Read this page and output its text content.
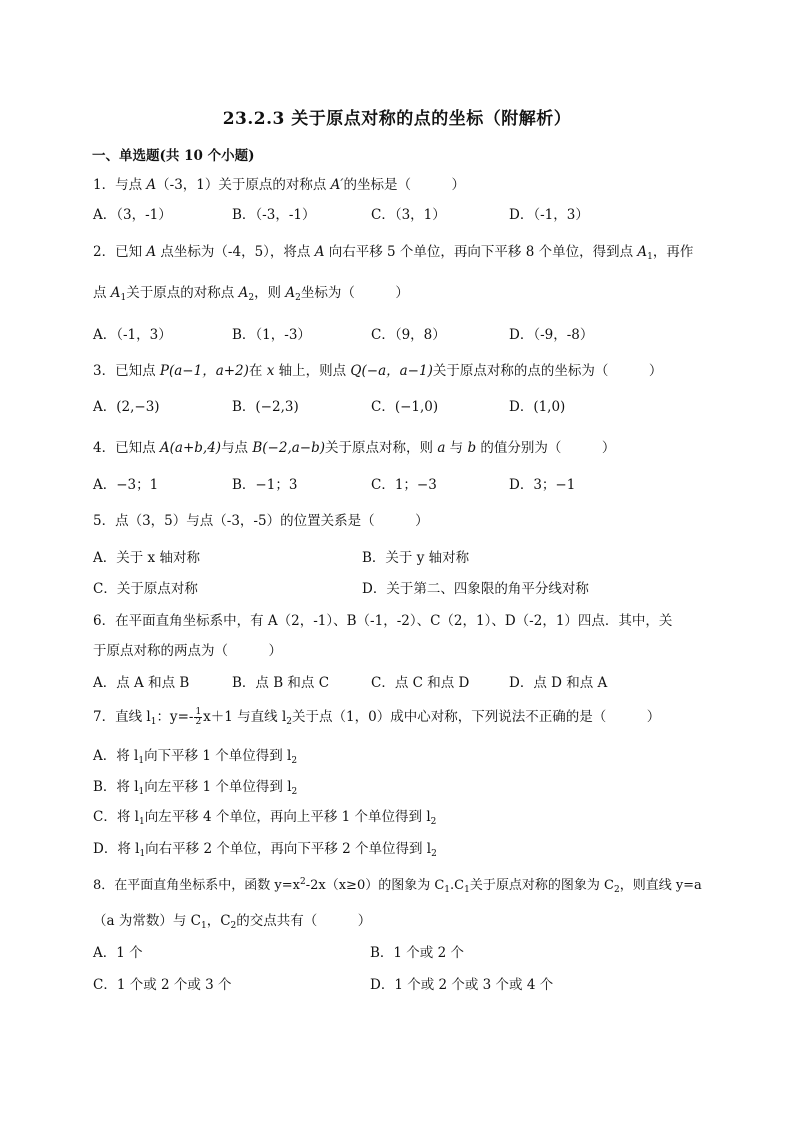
23.2.3 关于原点对称的点的坐标（附解析）
一、单选题(共 10 个小题)
1．与点 A（-3，1）关于原点的对称点 A′的坐标是（　　　）
A．（3，-1）	B．（-3，-1）	C．（3，1）	D．（-1，3）
2．已知 A 点坐标为（-4，5），将点 A 向右平移 5 个单位，再向下平移 8 个单位，得到点 $A_1$，再作
点 $A_1$关于原点的对称点 $A_2$，则 $A_2$坐标为（　　　）
A．（-1，3）	B．（1，-3）	C．（9，8）	D．（-9，-8）
3．已知点 P(a−1，a+2)在 x 轴上，则点 Q(−a，a−1)关于原点对称的点的坐标为（　　　）
A．(2,−3)	B．(−2,3)	C．(−1,0)	D．(1,0)
4．已知点 A(a+b,4)与点 B(−2,a−b)关于原点对称，则 a 与 b 的值分别为（　　　）
A．−3；1	B．−1；3	C．1；−3	D．3；−1
5．点（3，5）与点（-3，-5）的位置关系是（　　　）
A．关于 x 轴对称	B．关于 y 轴对称
C．关于原点对称	D．关于第二、四象限的角平分线对称
6．在平面直角坐标系中，有 A（2，-1）、B（-1，-2）、C（2，1）、D（-2，1）四点．其中，关
于原点对称的两点为（　　　）
A．点 A 和点 B	B．点 B 和点 C	C．点 C 和点 D	D．点 D 和点 A
7．直线 $l_1$：$y=- \frac{1}{2} x+1$ 与直线 $l_2$关于点（1，0）成中心对称，下列说法不正确的是（　　　）
A．将 $l_1$向下平移 1 个单位得到 $l_2$
B．将 $l_1$向左平移 1 个单位得到 $l_2$
C．将 $l_1$向左平移 4 个单位，再向上平移 1 个单位得到 $l_2$
D．将 $l_1$向右平移 2 个单位，再向下平移 2 个单位得到 $l_2$
8．在平面直角坐标系中，函数 $y=x^2-2x(x\ge 0)$的图象为 $C_1.C_1$关于原点对称的图象为 $C_2$，则直线 y=a
（a 为常数）与 $C_1$，$C_2$的交点共有（　　　）
A．1 个	B．1 个或 2 个
C．1 个或 2 个或 3 个	D．1 个或 2 个或 3 个或 4 个
